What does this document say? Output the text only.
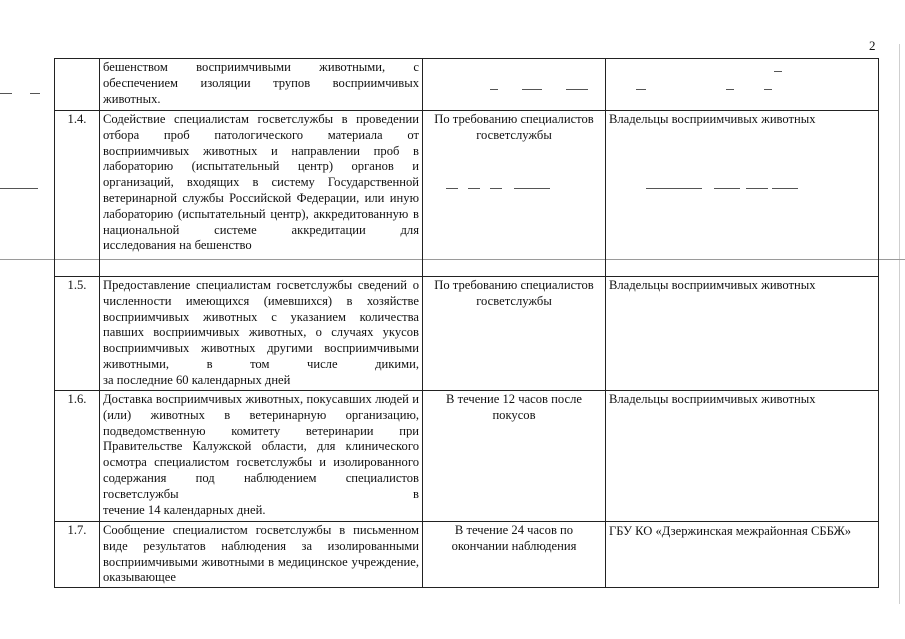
2
	бешенством восприимчивыми животными, с обеспечением изоляции трупов восприимчивых
животных.		

1.4.	Содействие специалистам госветслужбы в проведении отбора проб патологического материала от восприимчивых животных и направлении проб в лабораторию (испытательный центр) органов и организаций, входящих в систему Государственной ветеринарной службы Российской Федерации, или иную лабораторию (испытательный центр), аккредитованную в национальной системе аккредитации для
исследования на бешенство	По требованию специалистов госветслужбы	Владельцы восприимчивых животных
1.5.	Предоставление специалистам госветслужбы сведений о численности имеющихся (имевшихся) в хозяйстве восприимчивых животных с указанием количества павших восприимчивых животных, о случаях укусов восприимчивых животных другими восприимчивыми животными, в том числе дикими,
за последние 60 календарных дней	По требованию специалистов госветслужбы	Владельцы восприимчивых животных
1.6.	Доставка восприимчивых животных, покусавших людей и (или) животных в ветеринарную организацию, подведомственную комитету ветеринарии при Правительстве Калужской области, для клинического осмотра специалистом госветслужбы и изолированного содержания под наблюдением специалистов госветслужбы в
течение 14 календарных дней.	В течение 12 часов после покусов	Владельцы восприимчивых животных
1.7.	Сообщение специалистом госветслужбы в письменном виде результатов наблюдения за изолированными восприимчивыми животными в медицинское учреждение, оказывающее	В течение 24 часов по окончании наблюдения	ГБУ КО «Дзержинская межрайонная СББЖ»
